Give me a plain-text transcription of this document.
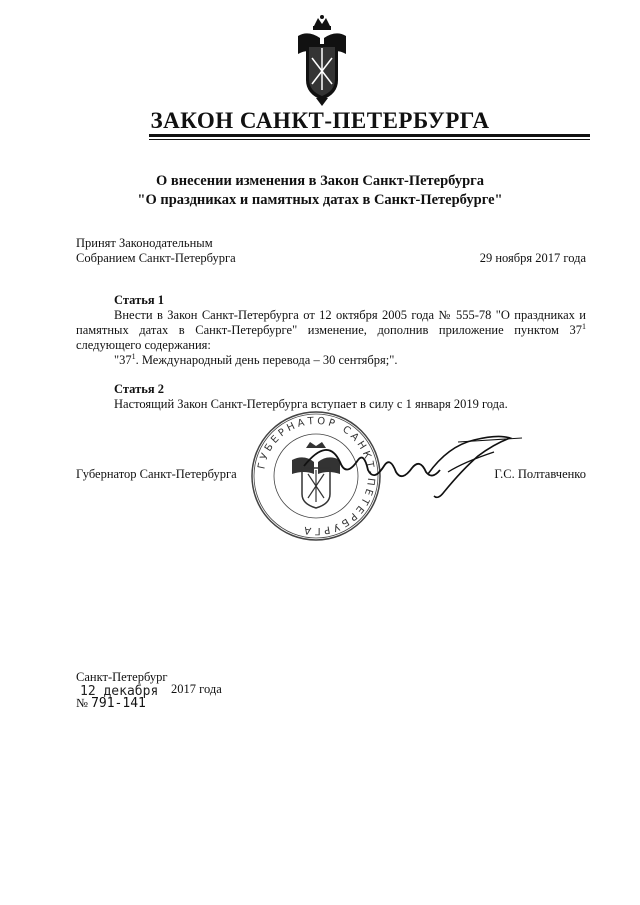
ЗАКОН САНКТ-ПЕТЕРБУРГА
О внесении изменения в Закон Санкт-Петербурга
"О праздниках и памятных датах в Санкт-Петербурге"
Принят Законодательным
Собранием Санкт-Петербурга	29 ноября 2017 года
Статья 1
Внести в Закон Санкт-Петербурга от 12 октября 2005 года № 555-78 "О праздниках и памятных датах в Санкт-Петербурге" изменение, дополнив приложение пунктом $37^1$ следующего содержания:
"$37^1$. Международный день перевода – 30 сентября;".
Статья 2
Настоящий Закон Санкт-Петербурга вступает в силу с 1 января 2019 года.
ГУБЕРНАТОР САНКТ-ПЕТЕРБУРГА
Губернатор Санкт-Петербурга	Г.С. Полтавченко
Санкт-Петербург
12 декабря 2017 года
№ 791-141
